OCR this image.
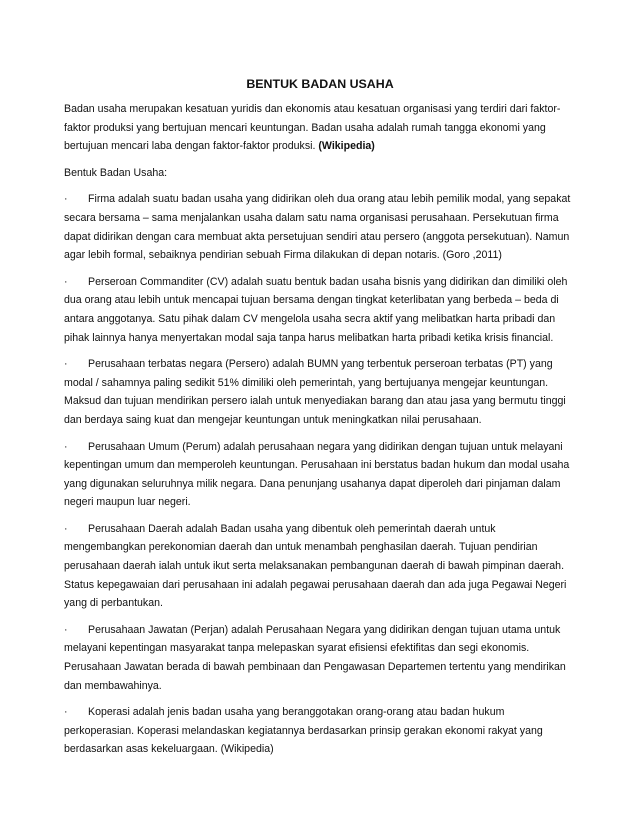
BENTUK BADAN USAHA

Badan usaha merupakan kesatuan yuridis dan ekonomis atau kesatuan organisasi yang terdiri dari faktor-faktor produksi yang bertujuan mencari keuntungan. Badan usaha adalah rumah tangga ekonomi yang bertujuan mencari laba dengan faktor-faktor produksi. (Wikipedia)

Bentuk Badan Usaha:

· Firma adalah suatu badan usaha yang didirikan oleh dua orang atau lebih pemilik modal, yang sepakat secara bersama – sama menjalankan usaha dalam satu nama organisasi perusahaan. Persekutuan firma dapat didirikan dengan cara membuat akta persetujuan sendiri atau persero (anggota persekutuan). Namun agar lebih formal, sebaiknya pendirian sebuah Firma dilakukan di depan notaris. (Goro ,2011)

· Perseroan Commanditer (CV) adalah suatu bentuk badan usaha bisnis yang didirikan dan dimiliki oleh dua orang atau lebih untuk mencapai tujuan bersama dengan tingkat keterlibatan yang berbeda – beda di antara anggotanya. Satu pihak dalam CV mengelola usaha secra aktif yang melibatkan harta pribadi dan pihak lainnya hanya menyertakan modal saja tanpa harus melibatkan harta pribadi ketika krisis financial.

· Perusahaan terbatas negara (Persero) adalah BUMN yang terbentuk perseroan terbatas (PT) yang modal / sahamnya paling sedikit 51% dimiliki oleh pemerintah, yang bertujuanya mengejar keuntungan. Maksud dan tujuan mendirikan persero ialah untuk menyediakan barang dan atau jasa yang bermutu tinggi dan berdaya saing kuat dan mengejar keuntungan untuk meningkatkan nilai perusahaan.

· Perusahaan Umum (Perum) adalah perusahaan negara yang didirikan dengan tujuan untuk melayani kepentingan umum dan memperoleh keuntungan. Perusahaan ini berstatus badan hukum dan modal usaha yang digunakan seluruhnya milik negara. Dana penunjang usahanya dapat diperoleh dari pinjaman dalam negeri maupun luar negeri.

· Perusahaan Daerah adalah Badan usaha yang dibentuk oleh pemerintah daerah untuk mengembangkan perekonomian daerah dan untuk menambah penghasilan daerah. Tujuan pendirian perusahaan daerah ialah untuk ikut serta melaksanakan pembangunan daerah di bawah pimpinan daerah. Status kepegawaian dari perusahaan ini adalah pegawai perusahaan daerah dan ada juga Pegawai Negeri yang di perbantukan.

· Perusahaan Jawatan (Perjan) adalah Perusahaan Negara yang didirikan dengan tujuan utama untuk melayani kepentingan masyarakat tanpa melepaskan syarat efisiensi efektifitas dan segi ekonomis. Perusahaan Jawatan berada di bawah pembinaan dan Pengawasan Departemen tertentu yang mendirikan dan membawahinya.

· Koperasi adalah jenis badan usaha yang beranggotakan orang-orang atau badan hukum perkoperasian. Koperasi melandaskan kegiatannya berdasarkan prinsip gerakan ekonomi rakyat yang berdasarkan asas kekeluargaan. (Wikipedia)
